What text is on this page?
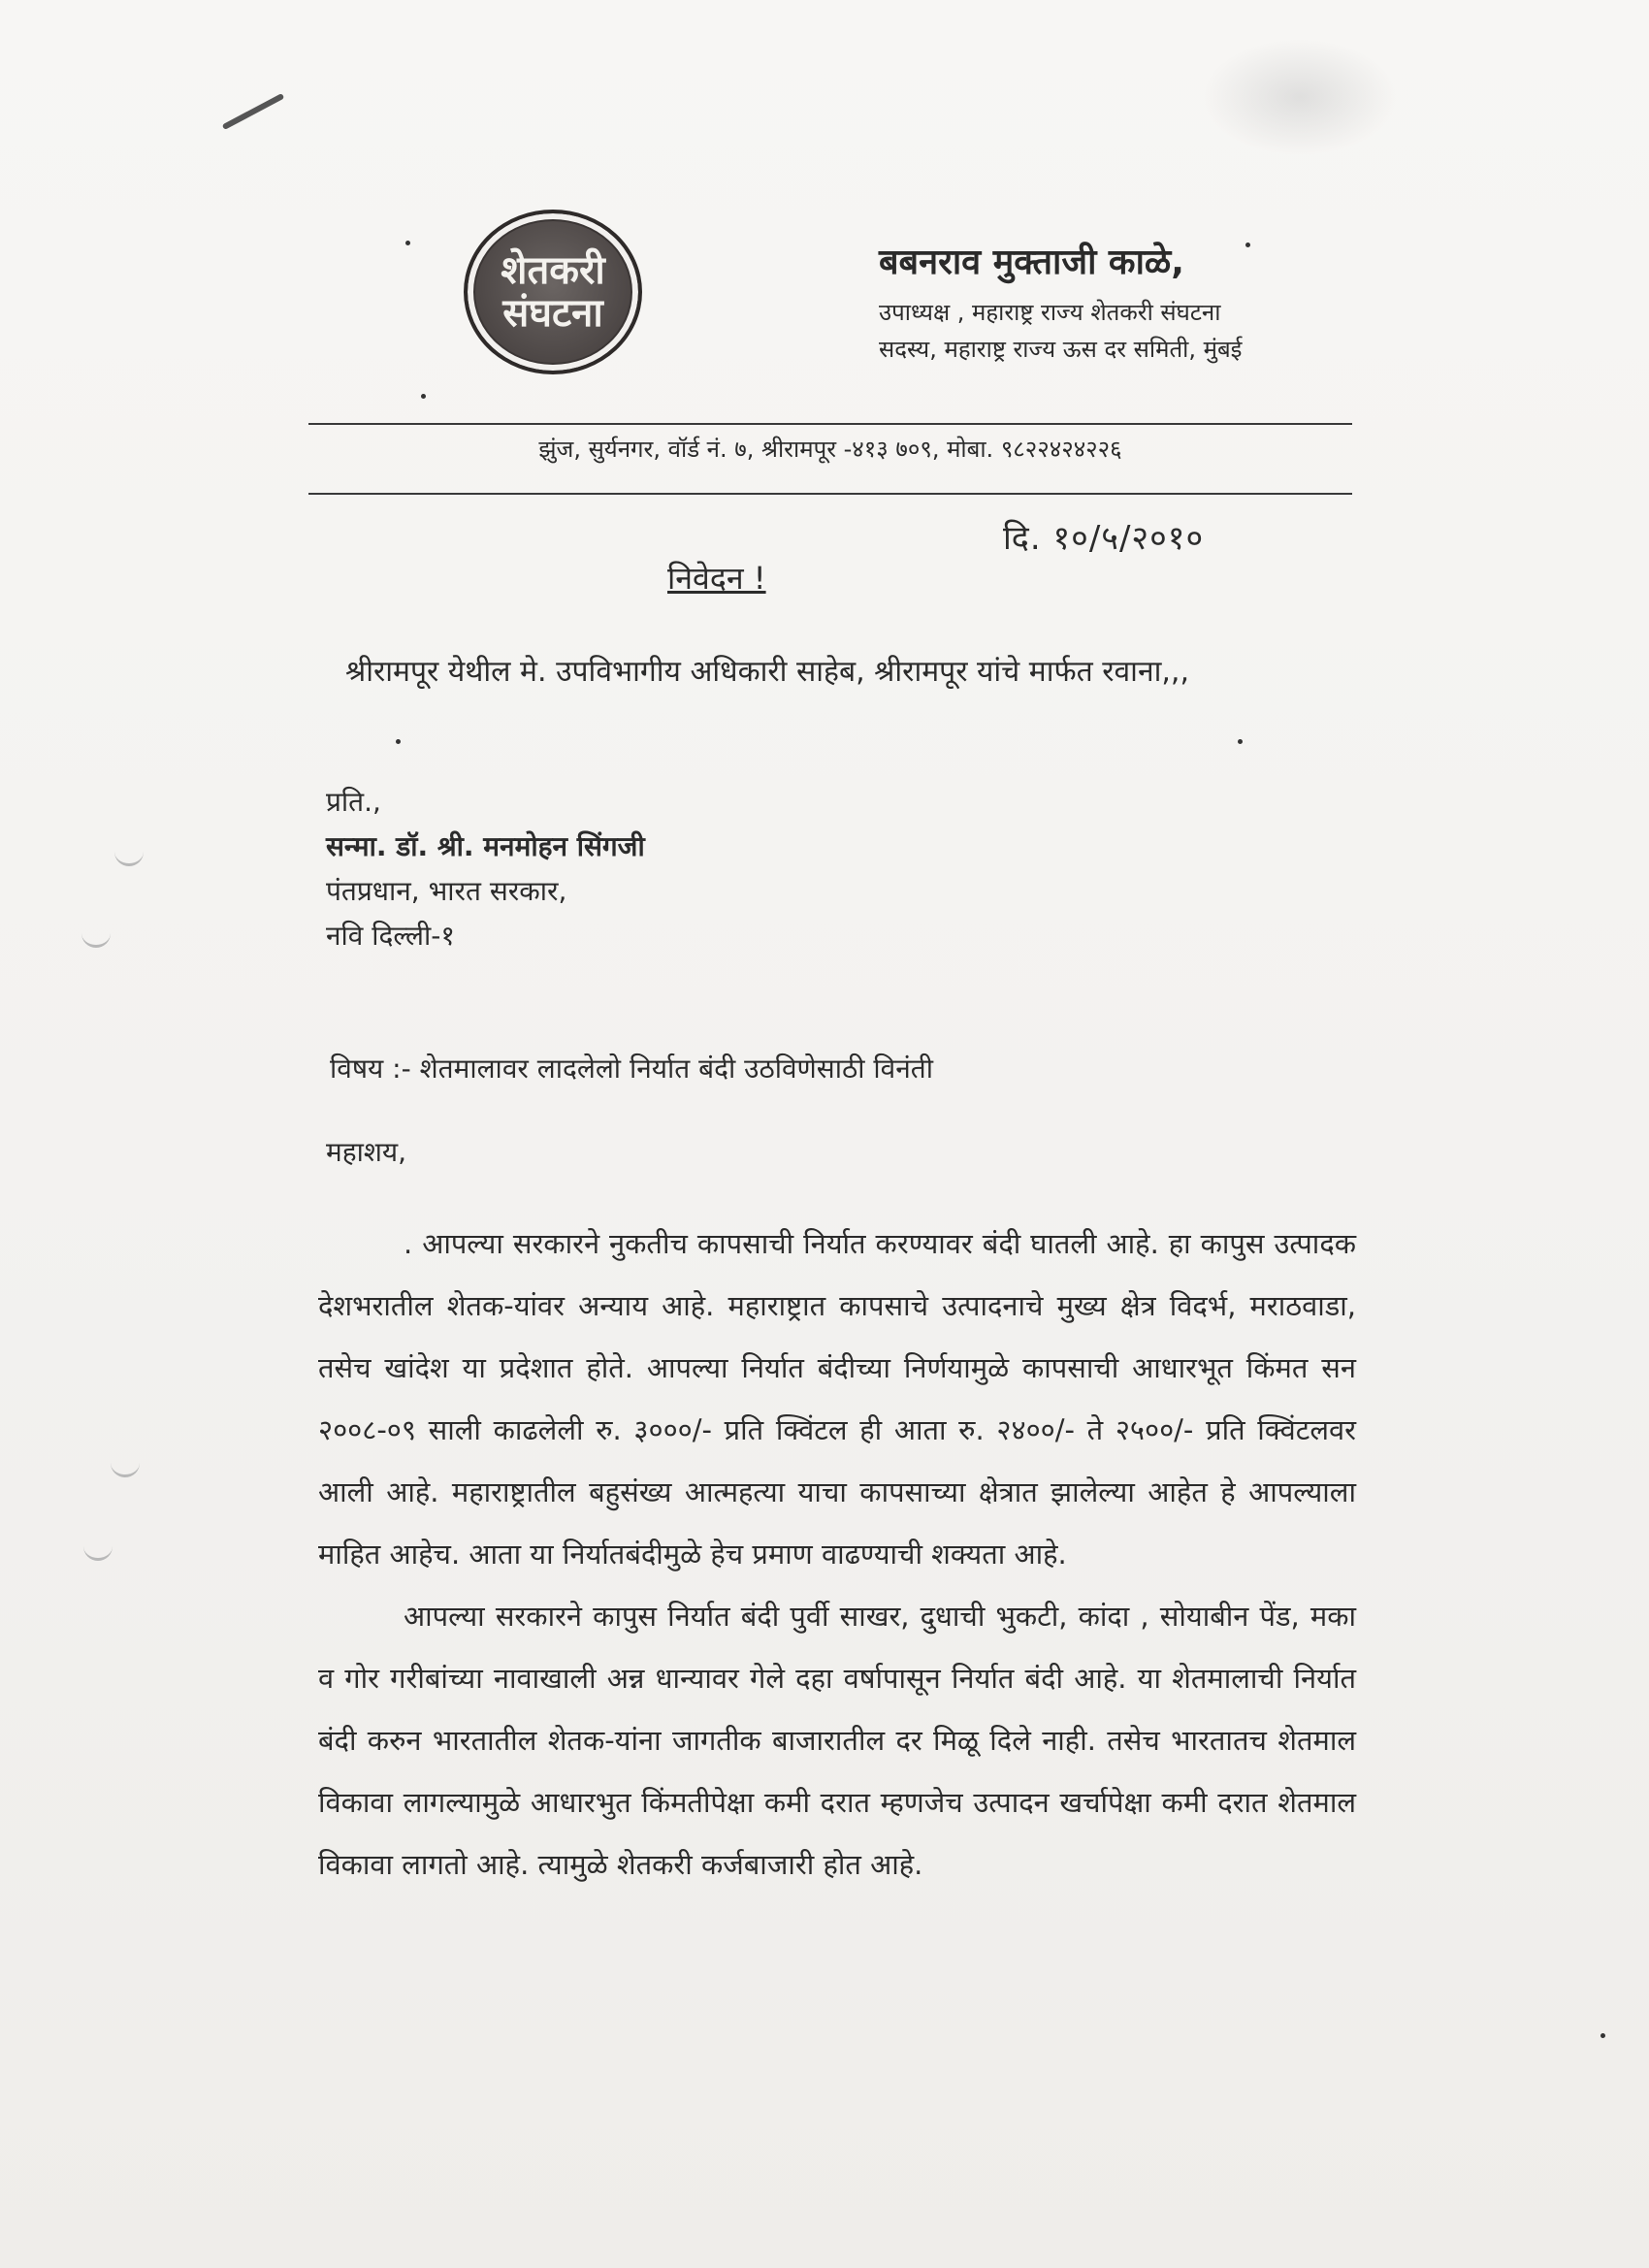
शेतकरी
संघटना
बबनराव मुक्ताजी काळे,
उपाध्यक्ष , महाराष्ट्र राज्य शेतकरी संघटना
सदस्य, महाराष्ट्र राज्य ऊस दर समिती, मुंबई
झुंज, सुर्यनगर, वॉर्ड नं. ७, श्रीरामपूर -४१३ ७०९, मोबा. ९८२२४२४२२६
दि. १०/५/२०१०
निवेदन !
श्रीरामपूर येथील मे. उपविभागीय अधिकारी साहेब, श्रीरामपूर यांचे मार्फत रवाना,,,
प्रति.,
सन्मा. डॉ. श्री. मनमोहन सिंगजी
पंतप्रधान, भारत सरकार,
नवि दिल्ली-१
विषय :- शेतमालावर लादलेलो निर्यात बंदी उठविणेसाठी विनंती
महाशय,

. आपल्या सरकारने नुकतीच कापसाची निर्यात करण्यावर बंदी घातली आहे. हा कापुस उत्पादक देशभरातील शेतक-यांवर अन्याय आहे. महाराष्ट्रात कापसाचे उत्पादनाचे मुख्य क्षेत्र विदर्भ, मराठवाडा, तसेच खांदेश या प्रदेशात होते. आपल्या निर्यात बंदीच्या निर्णयामुळे कापसाची आधारभूत किंमत सन २००८-०९ साली काढलेली रु. ३०००/- प्रति क्विंटल ही आता रु. २४००/- ते २५००/- प्रति क्विंटलवर आली आहे. महाराष्ट्रातील बहुसंख्य आत्महत्या याचा कापसाच्या क्षेत्रात झालेल्या आहेत हे आपल्याला माहित आहेच. आता या निर्यातबंदीमुळे हेच प्रमाण वाढण्याची शक्यता आहे.

आपल्या सरकारने कापुस निर्यात बंदी पुर्वी साखर, दुधाची भुकटी, कांदा , सोयाबीन पेंड, मका व गोर गरीबांच्या नावाखाली अन्न धान्यावर गेले दहा वर्षापासून निर्यात बंदी आहे. या शेतमालाची निर्यात बंदी करुन भारतातील शेतक-यांना जागतीक बाजारातील दर मिळू दिले नाही. तसेच भारतातच शेतमाल विकावा लागल्यामुळे आधारभुत किंमतीपेक्षा कमी दरात म्हणजेच उत्पादन खर्चापेक्षा कमी दरात शेतमाल विकावा लागतो आहे. त्यामुळे शेतकरी कर्जबाजारी होत आहे.
